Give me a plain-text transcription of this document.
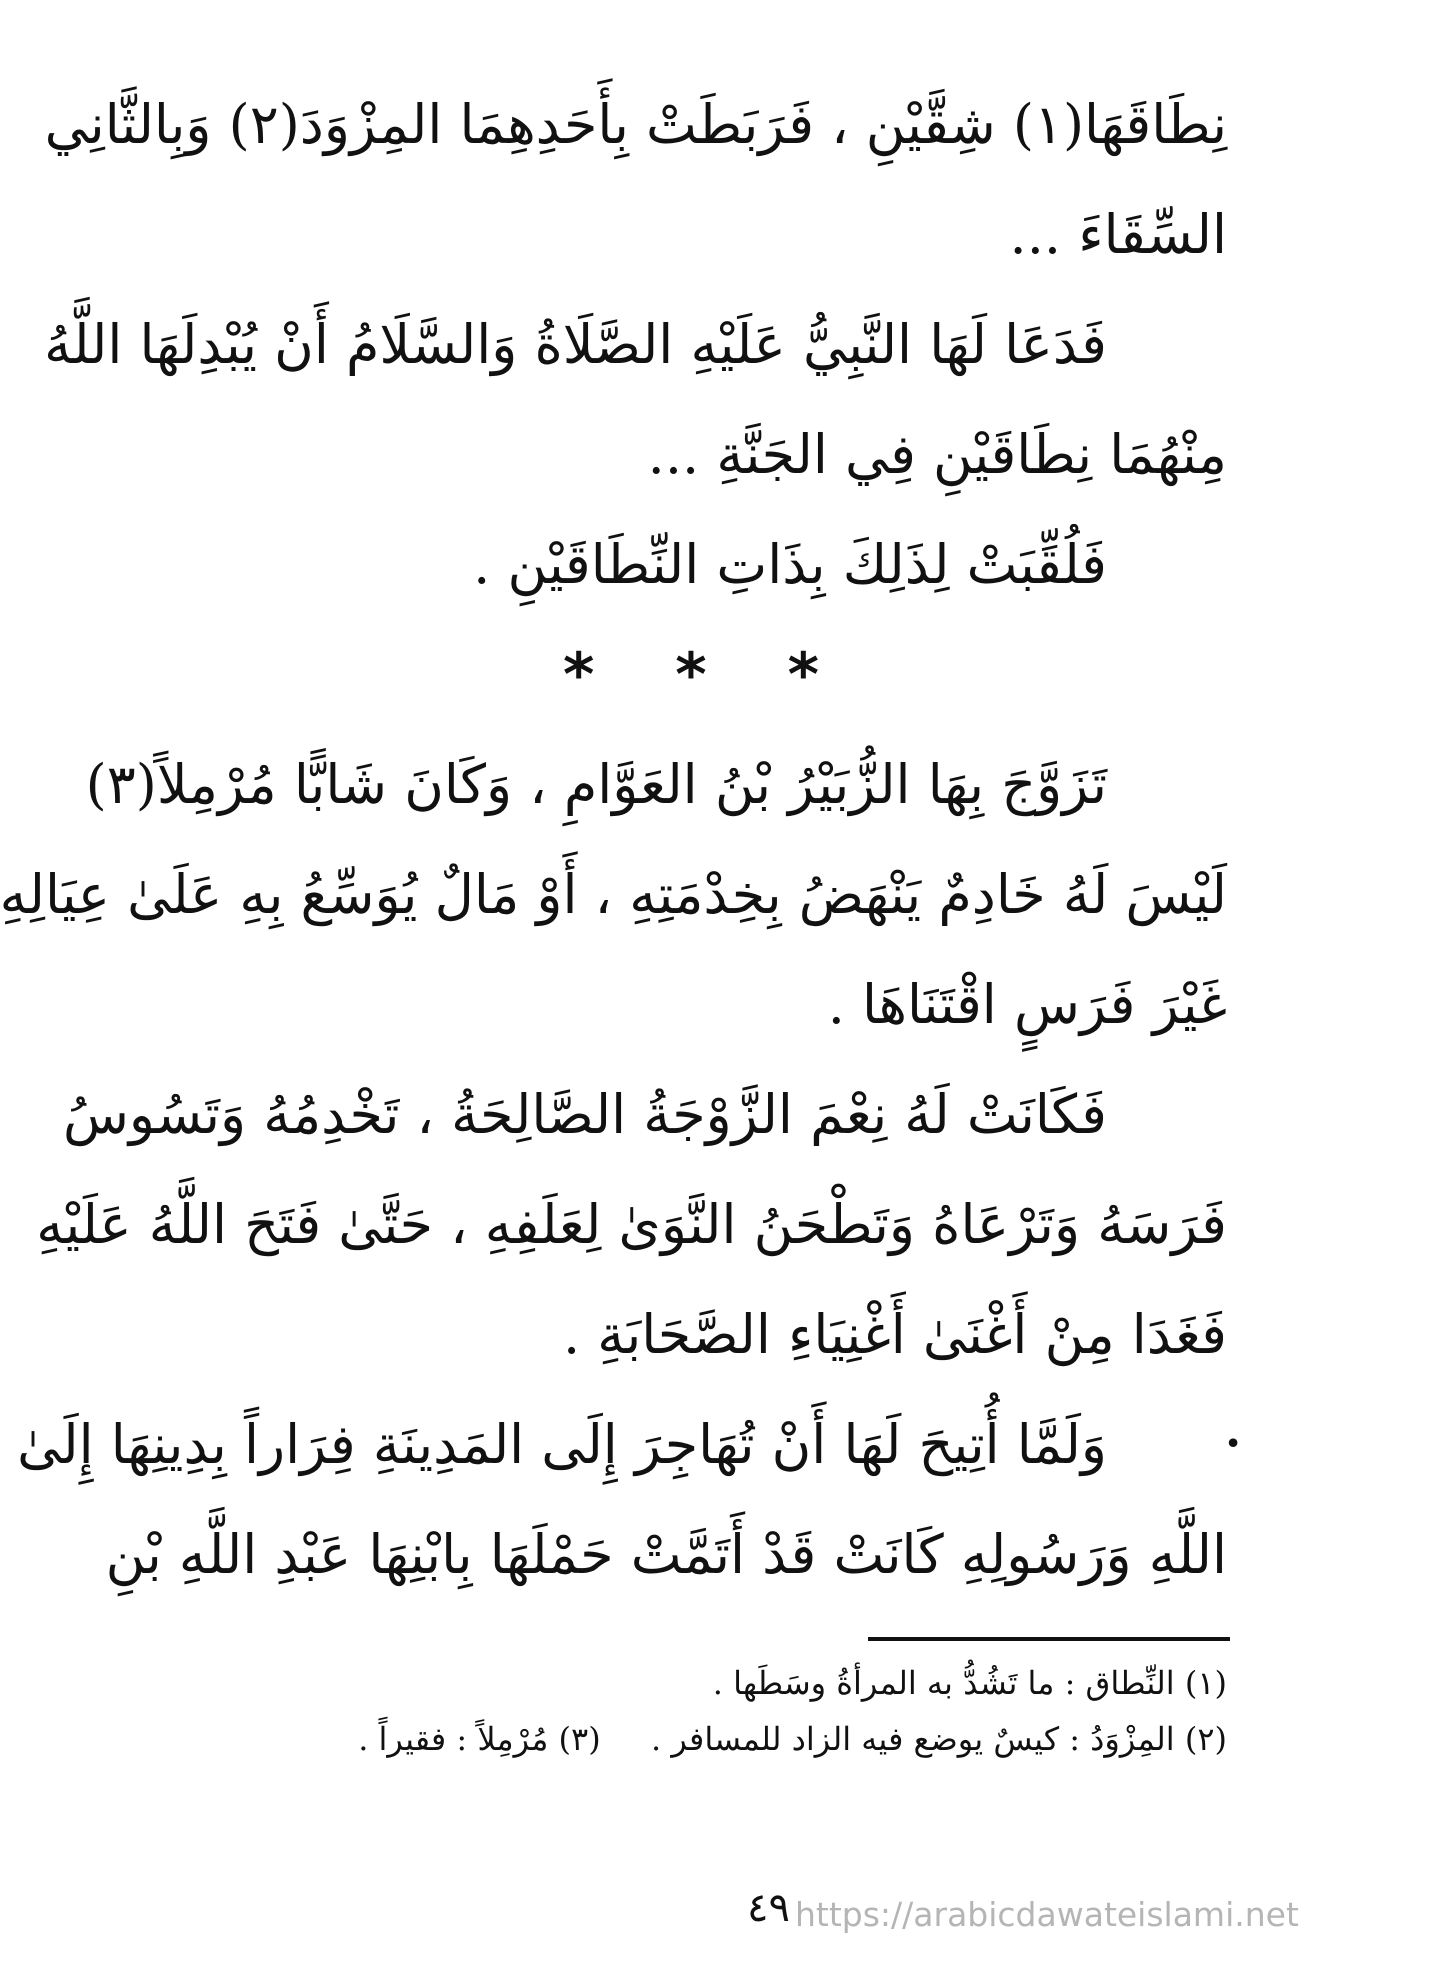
نِطَاقَهَا(١) شِقَّيْنِ ، فَرَبَطَتْ بِأَحَدِهِمَا المِزْوَدَ(٢) وَبِالثَّانِي
السِّقَاءَ ...
فَدَعَا لَهَا النَّبِيُّ عَلَيْهِ الصَّلَاةُ وَالسَّلَامُ أَنْ يُبْدِلَهَا اللَّهُ
مِنْهُمَا نِطَاقَيْنِ فِي الجَنَّةِ ...
فَلُقِّبَتْ لِذَلِكَ بِذَاتِ النِّطَاقَيْنِ .
* * *
تَزَوَّجَ بِهَا الزُّبَيْرُ بْنُ العَوَّامِ ، وَكَانَ شَابًّا مُرْمِلاً(٣)
لَيْسَ لَهُ خَادِمٌ يَنْهَضُ بِخِدْمَتِهِ ، أَوْ مَالٌ يُوَسِّعُ بِهِ عَلَىٰ عِيَالِهِ
غَيْرَ فَرَسٍ اقْتَنَاهَا .
فَكَانَتْ لَهُ نِعْمَ الزَّوْجَةُ الصَّالِحَةُ ، تَخْدِمُهُ وَتَسُوسُ
فَرَسَهُ وَتَرْعَاهُ وَتَطْحَنُ النَّوَىٰ لِعَلَفِهِ ، حَتَّىٰ فَتَحَ اللَّهُ عَلَيْهِ
فَغَدَا مِنْ أَغْنَىٰ أَغْنِيَاءِ الصَّحَابَةِ .
•
وَلَمَّا أُتِيحَ لَهَا أَنْ تُهَاجِرَ إِلَى المَدِينَةِ فِرَاراً بِدِينِهَا إِلَىٰ
اللَّهِ وَرَسُولِهِ كَانَتْ قَدْ أَتَمَّتْ حَمْلَهَا بِابْنِهَا عَبْدِ اللَّهِ بْنِ
(١) النِّطاق : ما تَشُدُّ به المرأةُ وسَطَها .
(٢) المِزْوَدُ : كيسٌ يوضع فيه الزاد للمسافر .  (٣) مُرْمِلاً : فقيراً .
٤٩ https://arabicdawateislami.net
